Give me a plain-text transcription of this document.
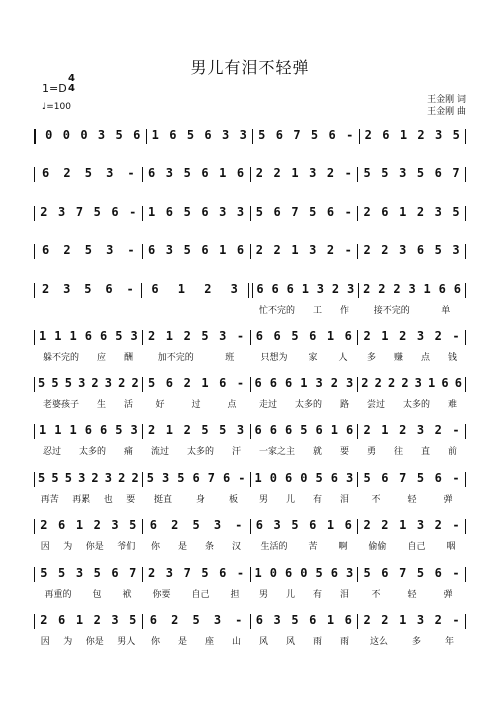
男儿有泪不轻弹
1=D
4
4
♩=100
王金刚 词
王金刚 曲
0 0 0 3 5 6 1 6 5 6 3 3 5 6 7 5 6 - 2 6 1 2 3 5
6 2 5 3 - 6 3 5 6 1 6 2 2 1 3 2 - 5 5 3 5 6 7
2 3 7 5 6 - 1 6 5 6 3 3 5 6 7 5 6 - 2 6 1 2 3 5
6 2 5 3 - 6 3 5 6 1 6 2 2 1 3 2 - 2 2 3 6 5 3
2 3 5 6 - 6 1 2 3 6 6 6 1 3 2 3 2 2 2 3 1 6 6
忙不完的 工 作	接不完的	单
1 1 1 6 6 5 3 2 1 2 5 3 - 6 6 5 6 1 6 2 1 2 3 2 -
躲不完的 应 酬	加不完的	班	只想为 家 人 多 赚 点 钱
5 5 5 3 2 3 2 2 5 6 2 1 6 - 6 6 6 1 3 2 3 2 2 2 2 3 1 6 6
老婆孩子 生 活 好	过	点 走过 太多的 路 尝过 太多的 难
1 1 1 6 6 5 3 2 1 2 5 5 3 6 6 6 5 6 1 6 2 1 2 3 2 -
忍过 太多的 痛 流过 太多的 汗 一家之主 就 要 勇 往 直 前
5 5 5 3 2 3 2 2 5 3 5 6 7 6 - 1 0 6 0 5 6 3 5 6 7 5 6 -
再苦 再累 也 要 挺直	身	板 男 儿 有 泪 不	轻	弹
2 6 1 2 3 5 6 2 5 3 - 6 3 5 6 1 6 2 2 1 3 2 -
因 为 你是 爷们 你 是 条 汉 生活的 苦 啊 偷偷 自己 咽
5 5 3 5 6 7 2 3 7 5 6 - 1 0 6 0 5 6 3 5 6 7 5 6 -
再重的 包 袱 你要 自己 担 男 儿 有 泪 不	轻	弹
2 6 1 2 3 5 6 2 5 3 - 6 3 5 6 1 6 2 2 1 3 2 -
因 为 你是 男人 你 是 座 山 风 风 雨 雨 这么	多	年
